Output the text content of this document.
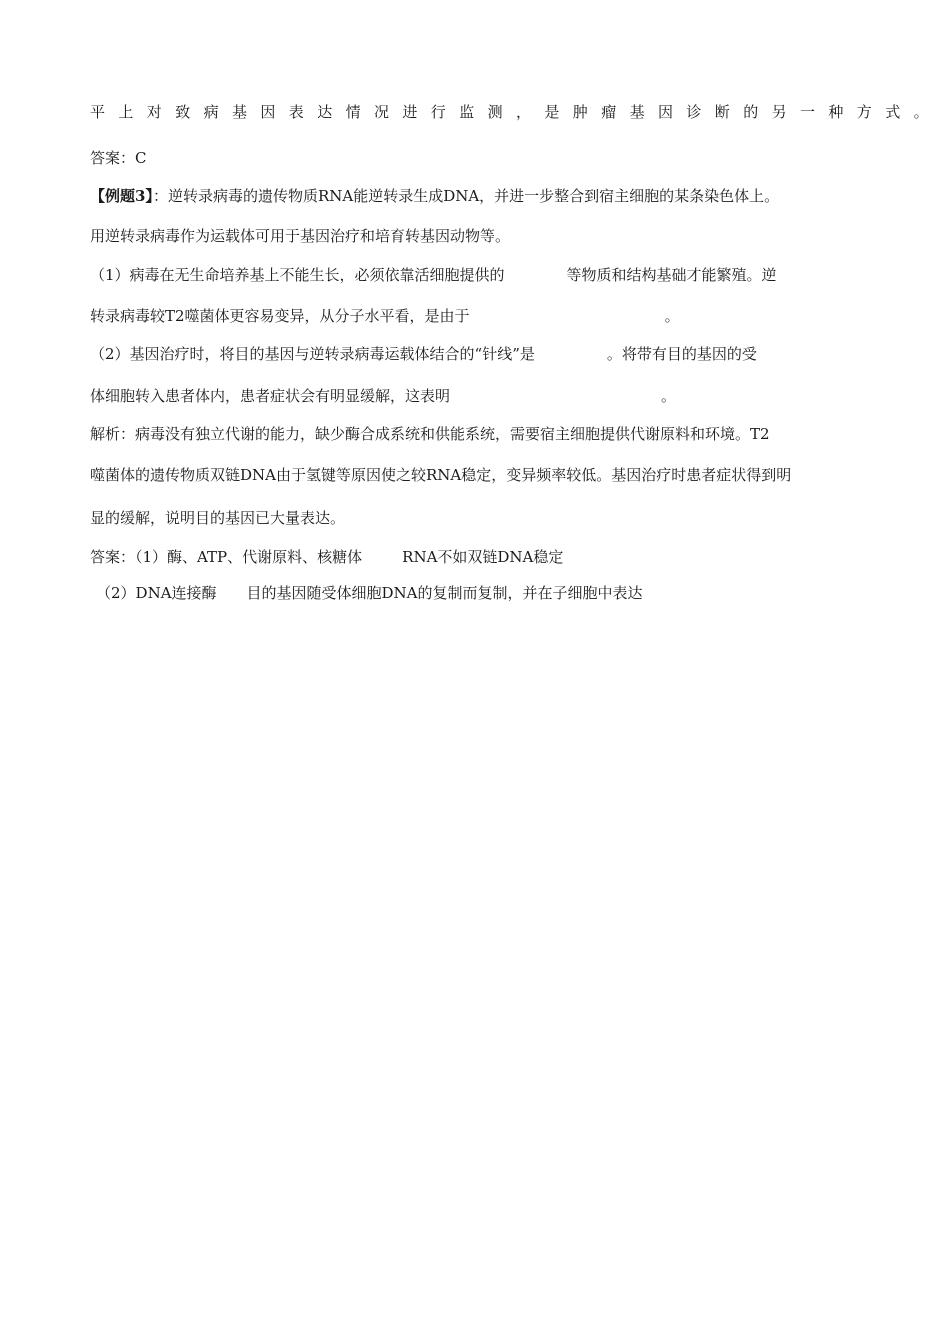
平上对致病基因表达情况进行监测，是肿瘤基因诊断的另一种方式。
答案：C
【例题3】：逆转录病毒的遗传物质RNA能逆转录生成DNA，并进一步整合到宿主细胞的某条染色体上。
用逆转录病毒作为运载体可用于基因治疗和培育转基因动物等。
（1）病毒在无生命培养基上不能生长，必须依靠活细胞提供的	等物质和结构基础才能繁殖。逆
转录病毒较T2噬菌体更容易变异，从分子水平看，是由于	。
（2）基因治疗时，将目的基因与逆转录病毒运载体结合的“针线”是	。将带有目的基因的受
体细胞转入患者体内，患者症状会有明显缓解，这表明	。
解析：病毒没有独立代谢的能力，缺少酶合成系统和供能系统，需要宿主细胞提供代谢原料和环境。T2
噬菌体的遗传物质双链DNA由于氢键等原因使之较RNA稳定，变异频率较低。基因治疗时患者症状得到明
显的缓解，说明目的基因已大量表达。
答案：（1）酶、ATP、代谢原料、核糖体	RNA不如双链DNA稳定
（2）DNA连接酶 目的基因随受体细胞DNA的复制而复制，并在子细胞中表达
